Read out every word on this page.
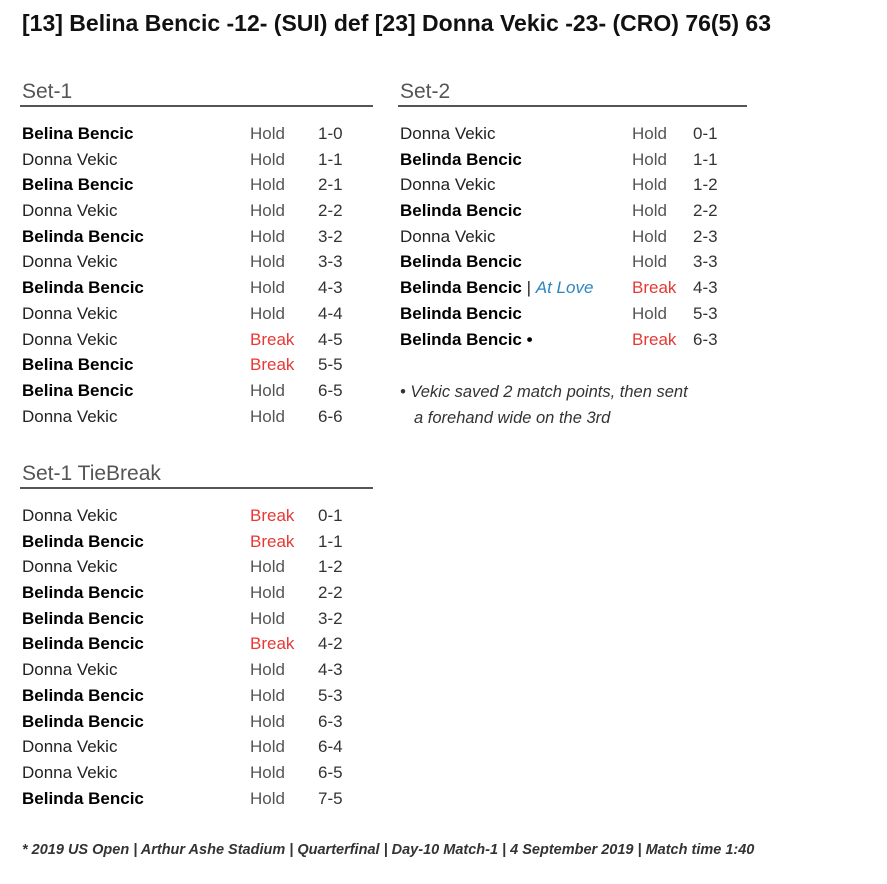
[13] Belina Bencic -12- (SUI) def [23] Donna Vekic -23- (CRO) 76(5) 63
Set-1
Belina Bencic	Hold 1-0
Donna Vekic	Hold 1-1
Belina Bencic	Hold 2-1
Donna Vekic	Hold 2-2
Belinda Bencic	Hold 3-2
Donna Vekic	Hold 3-3
Belinda Bencic	Hold 4-3
Donna Vekic	Hold 4-4
Donna Vekic	Break 4-5
Belina Bencic	Break 5-5
Belina Bencic	Hold 6-5
Donna Vekic	Hold 6-6
Set-1 TieBreak
Donna Vekic	Break 0-1
Belinda Bencic	Break 1-1
Donna Vekic	Hold 1-2
Belinda Bencic	Hold 2-2
Belinda Bencic	Hold 3-2
Belinda Bencic	Break 4-2
Donna Vekic	Hold 4-3
Belinda Bencic	Hold 5-3
Belinda Bencic	Hold 6-3
Donna Vekic	Hold 6-4
Donna Vekic	Hold 6-5
Belinda Bencic	Hold 7-5
Set-2
Donna Vekic	Hold 0-1
Belinda Bencic	Hold 1-1
Donna Vekic	Hold 1-2
Belinda Bencic	Hold 2-2
Donna Vekic	Hold 2-3
Belinda Bencic	Hold 3-3
Belinda Bencic | At Love Break 4-3
Belinda Bencic	Hold 5-3
Belinda Bencic •	Break 6-3
• Vekic saved 2 match points, then sent
a forehand wide on the 3rd
* 2019 US Open | Arthur Ashe Stadium | Quarterfinal | Day-10 Match-1 | 4 September 2019 | Match time 1:40
